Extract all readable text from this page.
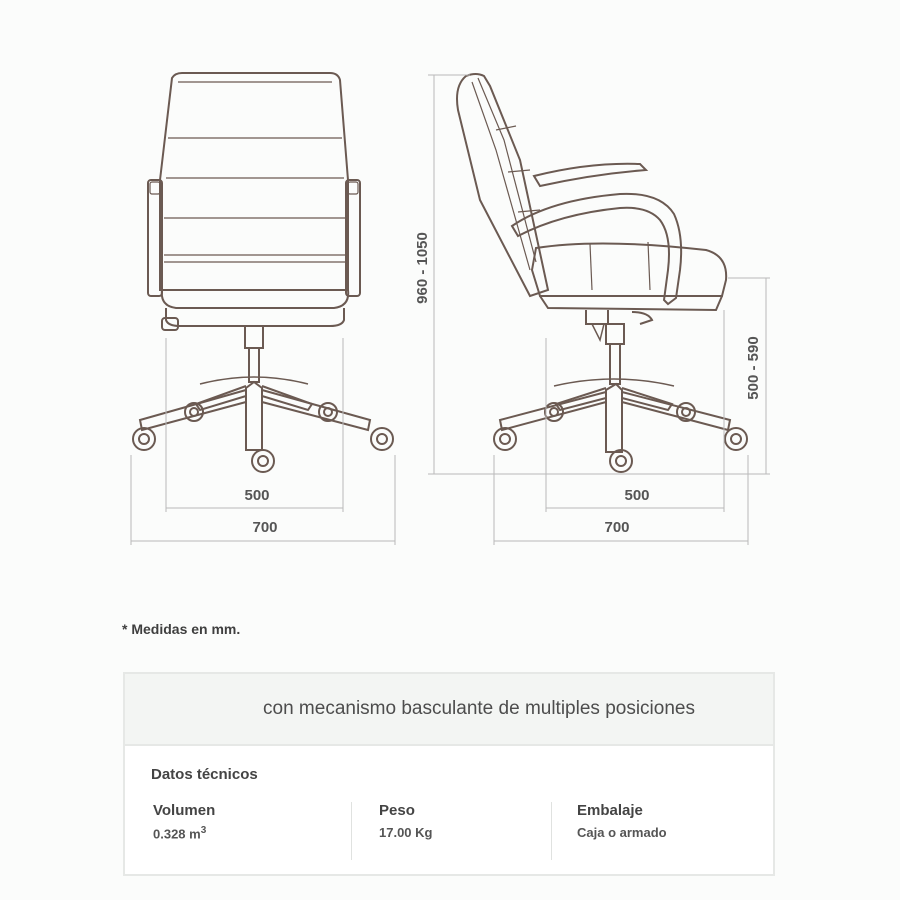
500
700
500
700
960 - 1050
500 - 590
* Medidas en mm.
con mecanismo basculante de multiples posiciones
Datos técnicos
Volumen
0.328 $m^3$
Peso
17.00 Kg
Embalaje
Caja o armado
